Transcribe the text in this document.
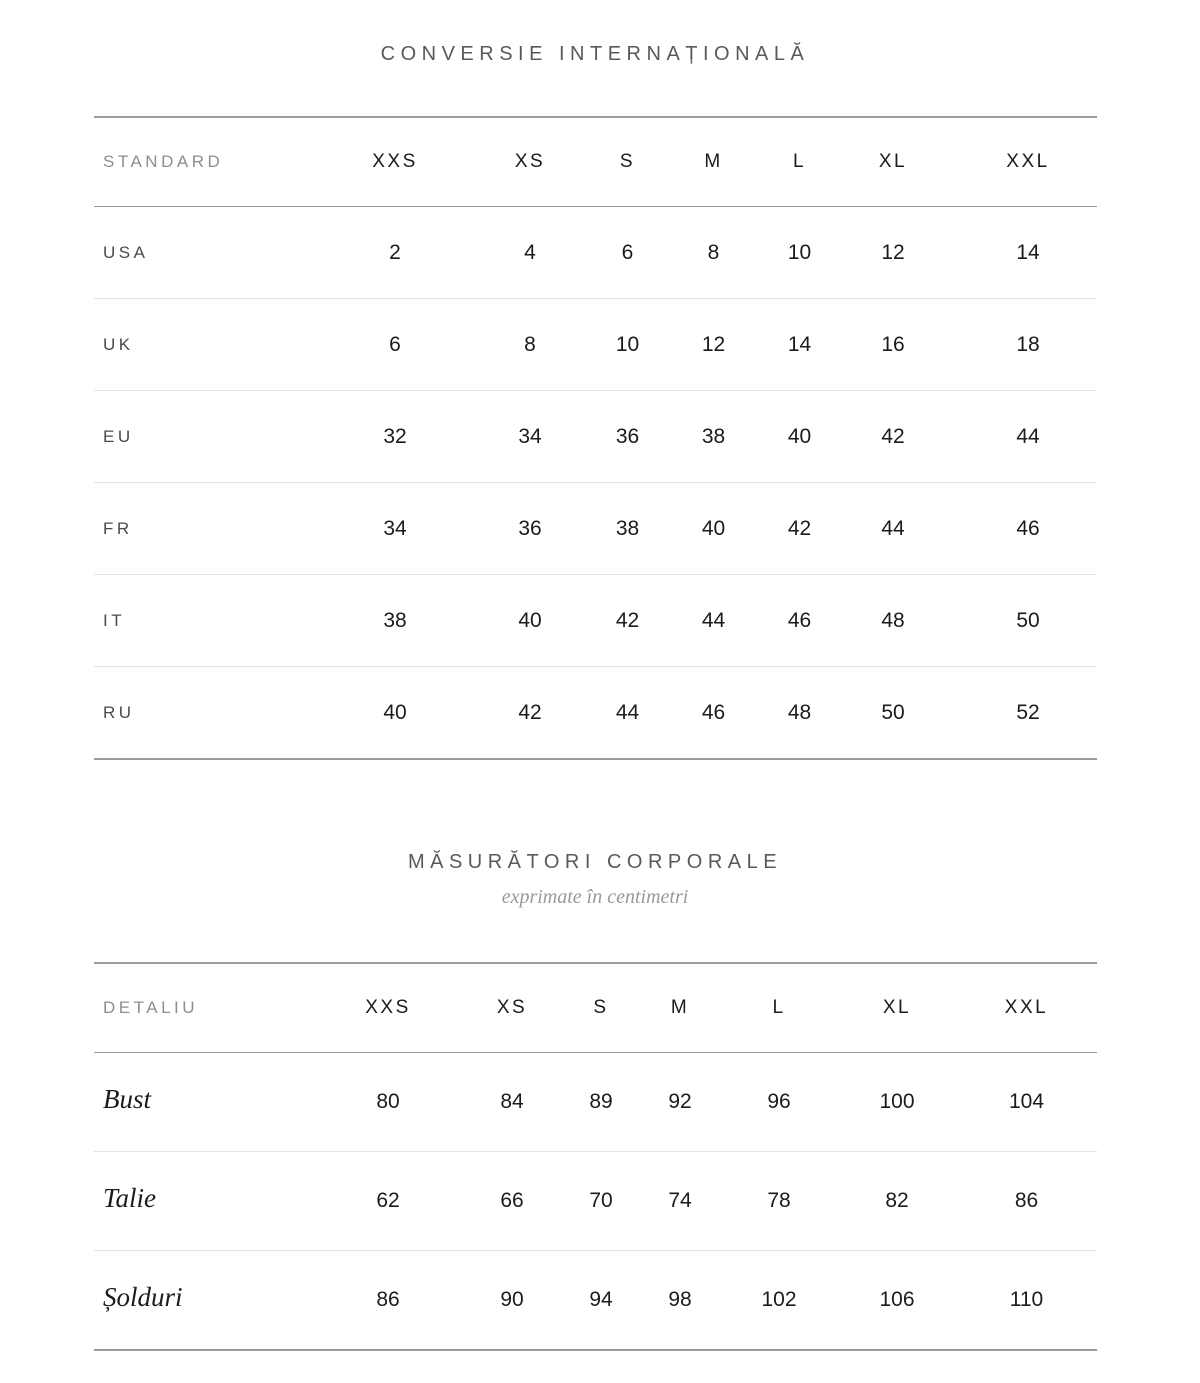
CONVERSIE INTERNAȚIONALĂ
STANDARD	XXS	XS	S	M	L	XL	XXL
USA	2	4	6	8	10	12	14
UK	6	8	10	12	14	16	18
EU	32	34	36	38	40	42	44
FR	34	36	38	40	42	44	46
IT	38	40	42	44	46	48	50
RU	40	42	44	46	48	50	52
MĂSURĂTORI CORPORALE
exprimate în centimetri
DETALIU	XXS	XS	S	M	L	XL	XXL
Bust	80	84	89	92	96	100	104
Talie	62	66	70	74	78	82	86
Șolduri	86	90	94	98	102	106	110
